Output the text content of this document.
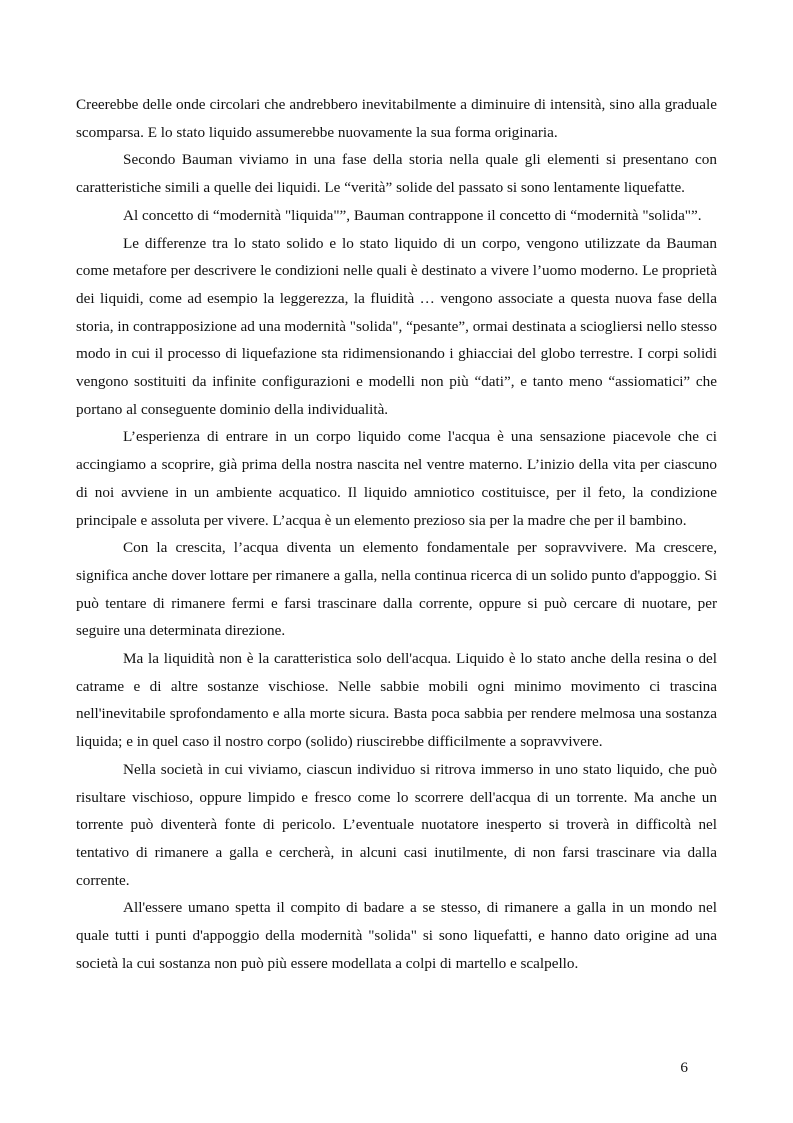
Creerebbe delle onde circolari che andrebbero inevitabilmente a diminuire di intensità, sino alla graduale scomparsa. E lo stato liquido assumerebbe nuovamente la sua forma originaria.

Secondo Bauman viviamo in una fase della storia nella quale gli elementi si presentano con caratteristiche simili a quelle dei liquidi. Le “verità” solide del passato si sono lentamente liquefatte.

Al concetto di “modernità "liquida"”, Bauman contrappone il concetto di “modernità "solida"”.

Le differenze tra lo stato solido e lo stato liquido di un corpo, vengono utilizzate da Bauman come metafore per descrivere le condizioni nelle quali è destinato a vivere l’uomo moderno. Le proprietà dei liquidi, come ad esempio la leggerezza, la fluidità … vengono associate a questa nuova fase della storia, in contrapposizione ad una modernità "solida", “pesante”, ormai destinata a sciogliersi nello stesso modo in cui il processo di liquefazione sta ridimensionando i ghiacciai del globo terrestre. I corpi solidi vengono sostituiti da infinite configurazioni e modelli non più “dati”, e tanto meno “assiomatici” che portano al conseguente dominio della individualità.

L’esperienza di entrare in un corpo liquido come l'acqua è una sensazione piacevole che ci accingiamo a scoprire, già prima della nostra nascita nel ventre materno. L’inizio della vita per ciascuno di noi avviene in un ambiente acquatico. Il liquido amniotico costituisce, per il feto, la condizione principale e assoluta per vivere. L’acqua è un elemento prezioso sia per la madre che per il bambino.

Con la crescita, l’acqua diventa un elemento fondamentale per sopravvivere. Ma crescere, significa anche dover lottare per rimanere a galla, nella continua ricerca di un solido punto d'appoggio. Si può tentare di rimanere fermi e farsi trascinare dalla corrente, oppure si può cercare di nuotare, per seguire una determinata direzione.

Ma la liquidità non è la caratteristica solo dell'acqua. Liquido è lo stato anche della resina o del catrame e di altre sostanze vischiose. Nelle sabbie mobili ogni minimo movimento ci trascina nell'inevitabile sprofondamento e alla morte sicura. Basta poca sabbia per rendere melmosa una sostanza liquida; e in quel caso il nostro corpo (solido) riuscirebbe difficilmente a sopravvivere.

Nella società in cui viviamo, ciascun individuo si ritrova immerso in uno stato liquido, che può risultare vischioso, oppure limpido e fresco come lo scorrere dell'acqua di un torrente. Ma anche un torrente può diventerà fonte di pericolo. L’eventuale nuotatore inesperto si troverà in difficoltà nel tentativo di rimanere a galla e cercherà, in alcuni casi inutilmente, di non farsi trascinare via dalla corrente.

All'essere umano spetta il compito di badare a se stesso, di rimanere a galla in un mondo nel quale tutti i punti d'appoggio della modernità "solida" si sono liquefatti, e hanno dato origine ad una società la cui sostanza non può più essere modellata a colpi di martello e scalpello.

6
